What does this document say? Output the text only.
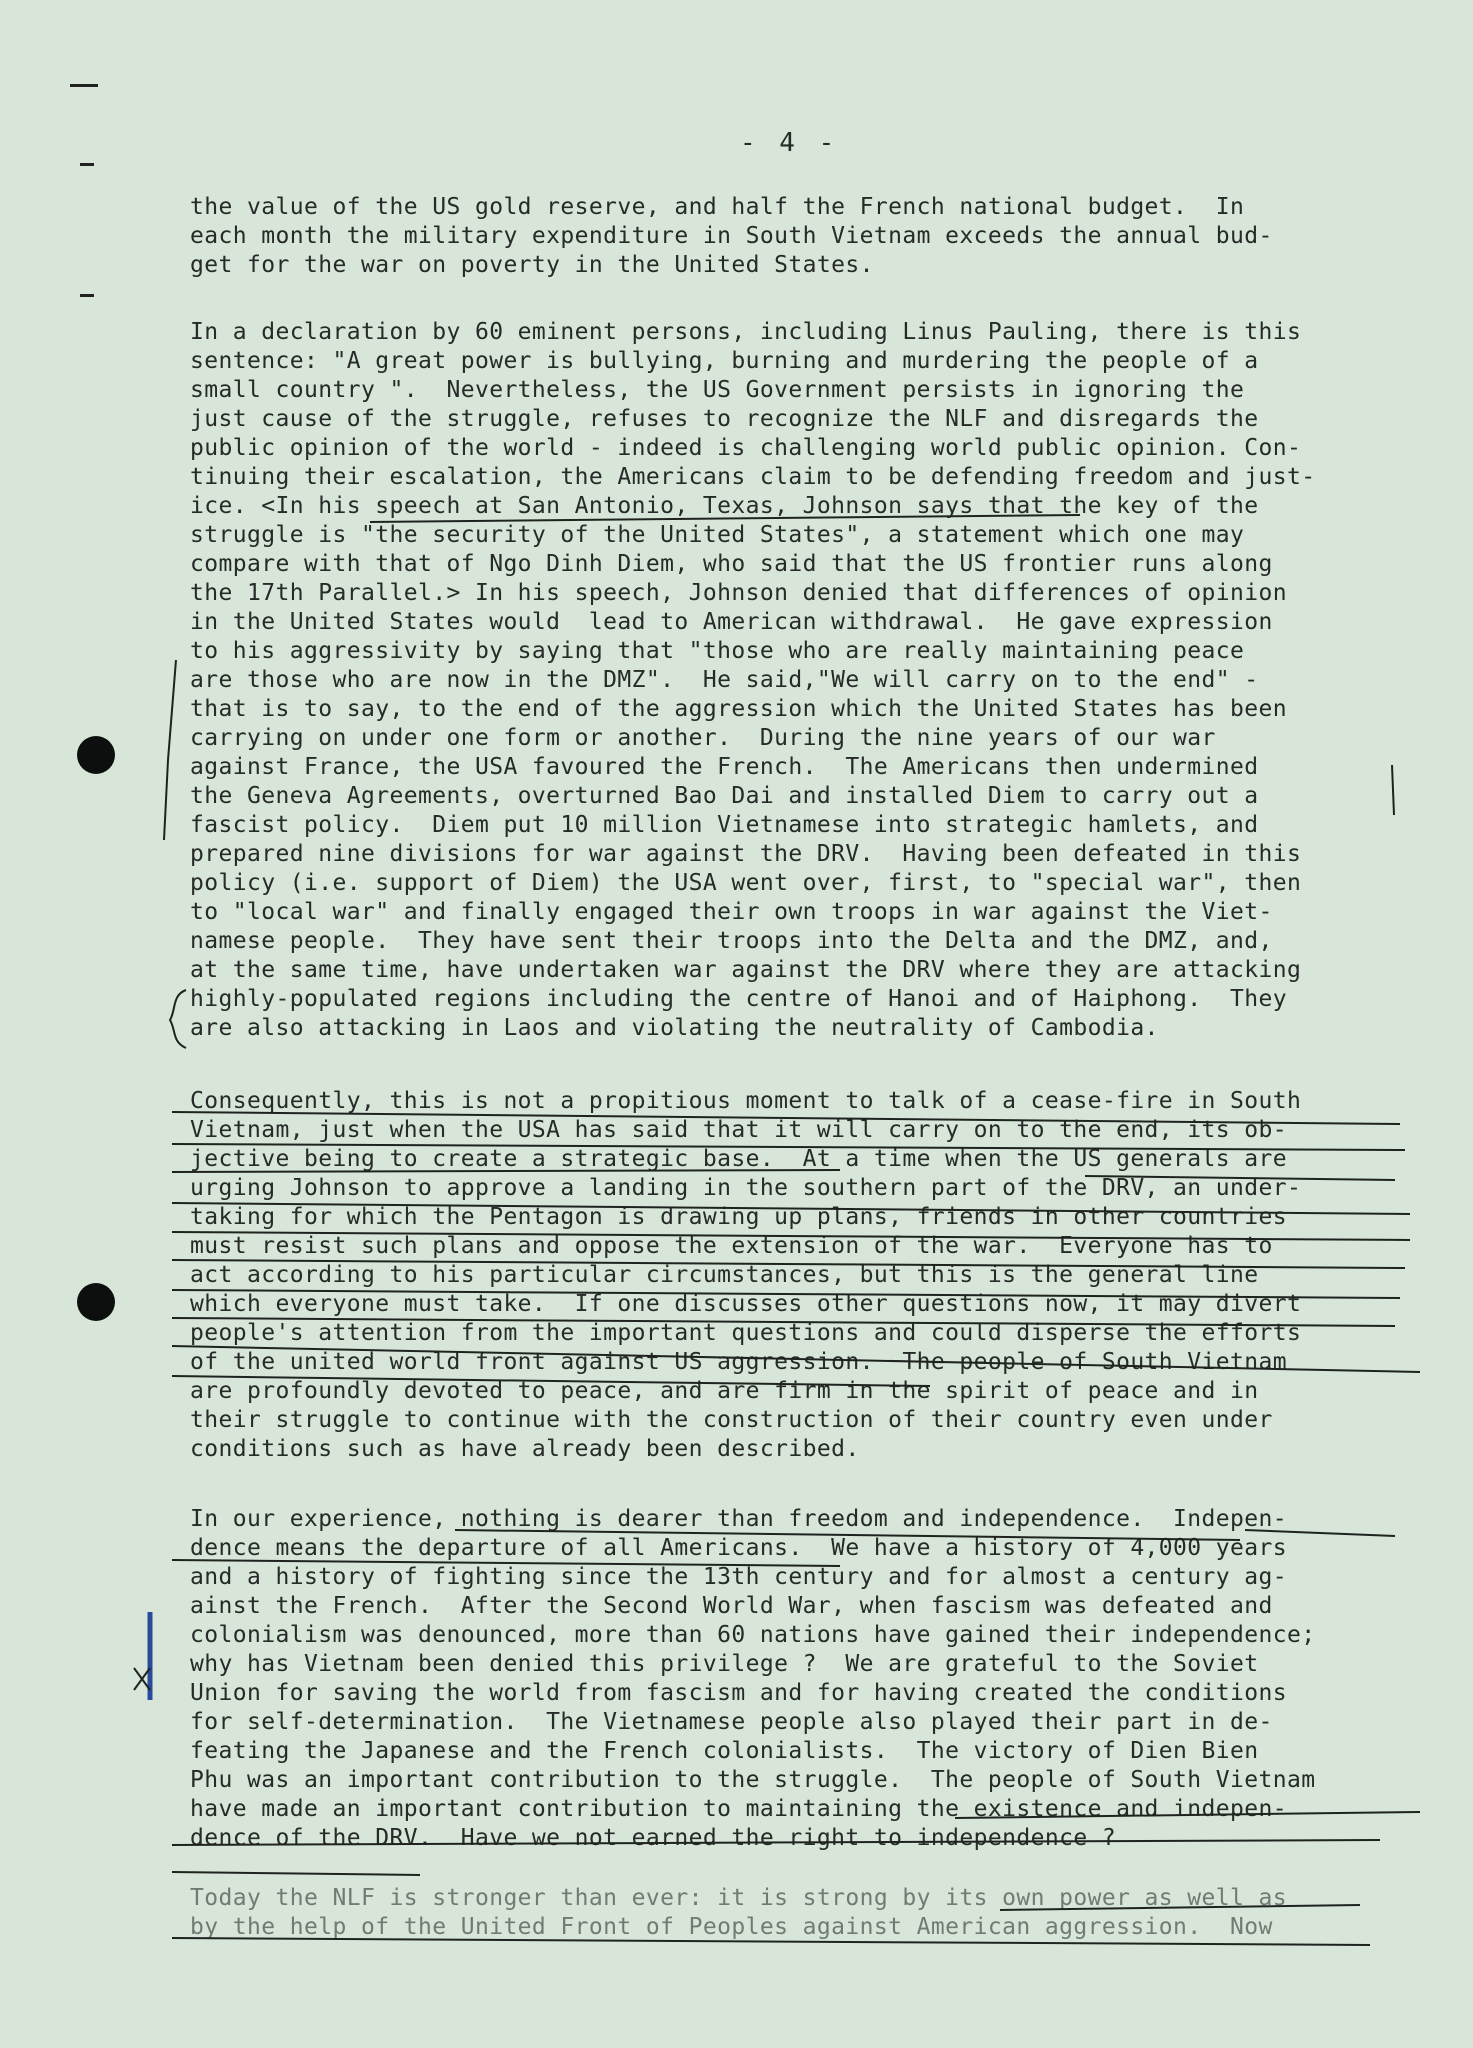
- 4 -
the value of the US gold reserve, and half the French national budget.  In
each month the military expenditure in South Vietnam exceeds the annual bud-
get for the war on poverty in the United States.
In a declaration by 60 eminent persons, including Linus Pauling, there is this
sentence: "A great power is bullying, burning and murdering the people of a
small country ".  Nevertheless, the US Government persists in ignoring the
just cause of the struggle, refuses to recognize the NLF and disregards the
public opinion of the world - indeed is challenging world public opinion. Con-
tinuing their escalation, the Americans claim to be defending freedom and just-
ice. <In his speech at San Antonio, Texas, Johnson says that the key of the
struggle is "the security of the United States", a statement which one may
compare with that of Ngo Dinh Diem, who said that the US frontier runs along
the 17th Parallel.> In his speech, Johnson denied that differences of opinion
in the United States would  lead to American withdrawal.  He gave expression
to his aggressivity by saying that "those who are really maintaining peace
are those who are now in the DMZ".  He said,"We will carry on to the end" -
that is to say, to the end of the aggression which the United States has been
carrying on under one form or another.  During the nine years of our war
against France, the USA favoured the French.  The Americans then undermined
the Geneva Agreements, overturned Bao Dai and installed Diem to carry out a
fascist policy.  Diem put 10 million Vietnamese into strategic hamlets, and
prepared nine divisions for war against the DRV.  Having been defeated in this
policy (i.e. support of Diem) the USA went over, first, to "special war", then
to "local war" and finally engaged their own troops in war against the Viet-
namese people.  They have sent their troops into the Delta and the DMZ, and,
at the same time, have undertaken war against the DRV where they are attacking
highly-populated regions including the centre of Hanoi and of Haiphong.  They
are also attacking in Laos and violating the neutrality of Cambodia.
Consequently, this is not a propitious moment to talk of a cease-fire in South
Vietnam, just when the USA has said that it will carry on to the end, its ob-
jective being to create a strategic base.  At a time when the US generals are
urging Johnson to approve a landing in the southern part of the DRV, an under-
taking for which the Pentagon is drawing up plans, friends in other countries
must resist such plans and oppose the extension of the war.  Everyone has to
act according to his particular circumstances, but this is the general line
which everyone must take.  If one discusses other questions now, it may divert
people's attention from the important questions and could disperse the efforts
of the united world front against US aggression.  The people of South Vietnam
are profoundly devoted to peace, and are firm in the spirit of peace and in
their struggle to continue with the construction of their country even under
conditions such as have already been described.
In our experience, nothing is dearer than freedom and independence.  Indepen-
dence means the departure of all Americans.  We have a history of 4,000 years
and a history of fighting since the 13th century and for almost a century ag-
ainst the French.  After the Second World War, when fascism was defeated and
colonialism was denounced, more than 60 nations have gained their independence;
why has Vietnam been denied this privilege ?  We are grateful to the Soviet
Union for saving the world from fascism and for having created the conditions
for self-determination.  The Vietnamese people also played their part in de-
feating the Japanese and the French colonialists.  The victory of Dien Bien
Phu was an important contribution to the struggle.  The people of South Vietnam
have made an important contribution to maintaining the existence and indepen-
dence of the DRV.  Have we not earned the right to independence ?
Today the NLF is stronger than ever: it is strong by its own power as well as
by the help of the United Front of Peoples against American aggression.  Now
